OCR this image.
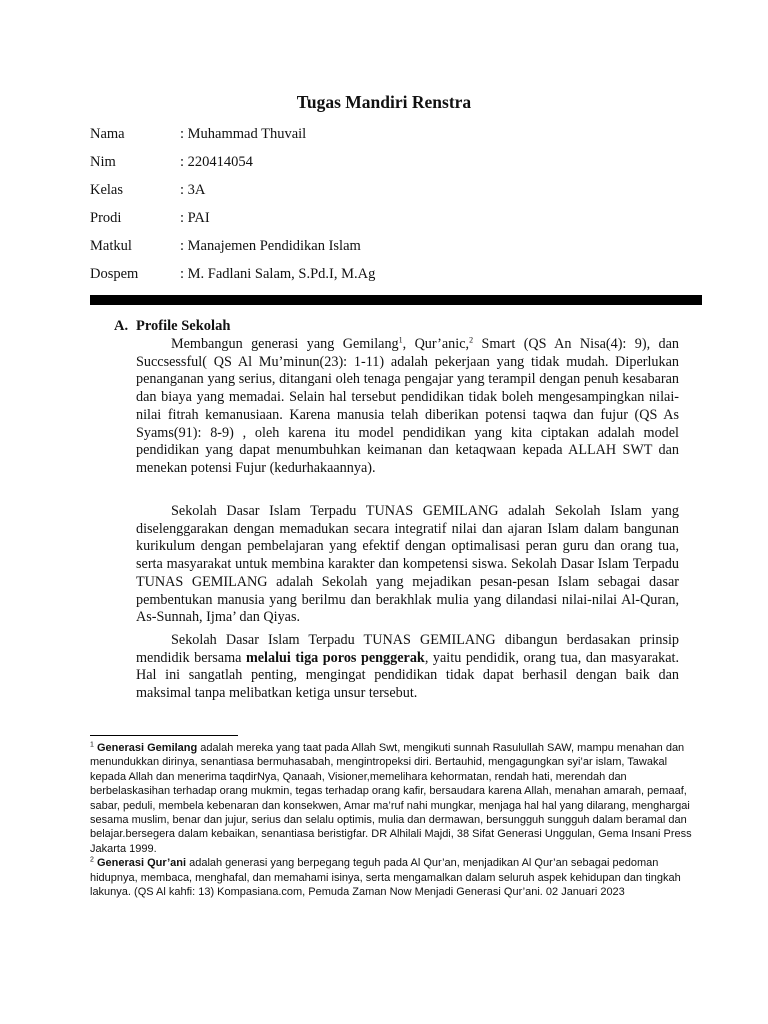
Tugas Mandiri Renstra
Nama	: Muhammad Thuvail
Nim	: 220414054
Kelas	: 3A
Prodi	: PAI
Matkul	: Manajemen Pendidikan Islam
Dospem	: M. Fadlani Salam, S.Pd.I, M.Ag
A. Profile Sekolah

Membangun generasi yang Gemilang$^1$, Qur’anic,$^2$ Smart (QS An Nisa(4): 9), dan Succsessful( QS Al Mu’minun(23): 1-11) adalah pekerjaan yang tidak mudah. Diperlukan penanganan yang serius, ditangani oleh tenaga pengajar yang terampil dengan penuh kesabaran dan biaya yang memadai. Selain hal tersebut pendidikan tidak boleh mengesampingkan nilai-nilai fitrah kemanusiaan. Karena manusia telah diberikan potensi taqwa dan fujur (QS As Syams(91): 8-9) , oleh karena itu model pendidikan yang kita ciptakan adalah model pendidikan yang dapat menumbuhkan keimanan dan ketaqwaan kepada ALLAH SWT dan menekan potensi Fujur (kedurhakaannya).

Sekolah Dasar Islam Terpadu TUNAS GEMILANG adalah Sekolah Islam yang diselenggarakan dengan memadukan secara integratif nilai dan ajaran Islam dalam bangunan kurikulum dengan pembelajaran yang efektif dengan optimalisasi peran guru dan orang tua, serta masyarakat untuk membina karakter dan kompetensi siswa. Sekolah Dasar Islam Terpadu TUNAS GEMILANG adalah Sekolah yang mejadikan pesan-pesan Islam sebagai dasar pembentukan manusia yang berilmu dan berakhlak mulia yang dilandasi nilai-nilai Al-Quran, As-Sunnah, Ijma’ dan Qiyas.

Sekolah Dasar Islam Terpadu TUNAS GEMILANG dibangun berdasakan prinsip mendidik bersama melalui tiga poros penggerak, yaitu pendidik, orang tua, dan masyarakat. Hal ini sangatlah penting, mengingat pendidikan tidak dapat berhasil dengan baik dan maksimal tanpa melibatkan ketiga unsur tersebut.

$^1$ Generasi Gemilang adalah mereka yang taat pada Allah Swt, mengikuti sunnah Rasulullah SAW, mampu menahan dan menundukkan dirinya, senantiasa bermuhasabah, mengintropeksi diri. Bertauhid, mengagungkan syi’ar islam, Tawakal kepada Allah dan menerima taqdirNya, Qanaah, Visioner,memelihara kehormatan, rendah hati, merendah dan berbelaskasihan terhadap orang mukmin, tegas terhadap orang kafir, bersaudara karena Allah, menahan amarah, pemaaf, sabar, peduli, membela kebenaran dan konsekwen, Amar ma’ruf nahi mungkar, menjaga hal hal yang dilarang, menghargai sesama muslim, benar dan jujur, serius dan selalu optimis, mulia dan dermawan, bersungguh sungguh dalam beramal dan belajar.bersegera dalam kebaikan, senantiasa beristigfar. DR Alhilali Majdi, 38 Sifat Generasi Unggulan, Gema Insani Press Jakarta 1999.

$^2$ Generasi Qur’ani adalah generasi yang berpegang teguh pada Al Qur’an, menjadikan Al Qur’an sebagai pedoman hidupnya, membaca, menghafal, dan memahami isinya, serta mengamalkan dalam seluruh aspek kehidupan dan tingkah lakunya. (QS Al kahfi: 13) Kompasiana.com, Pemuda Zaman Now Menjadi Generasi Qur’ani. 02 Januari 2023
